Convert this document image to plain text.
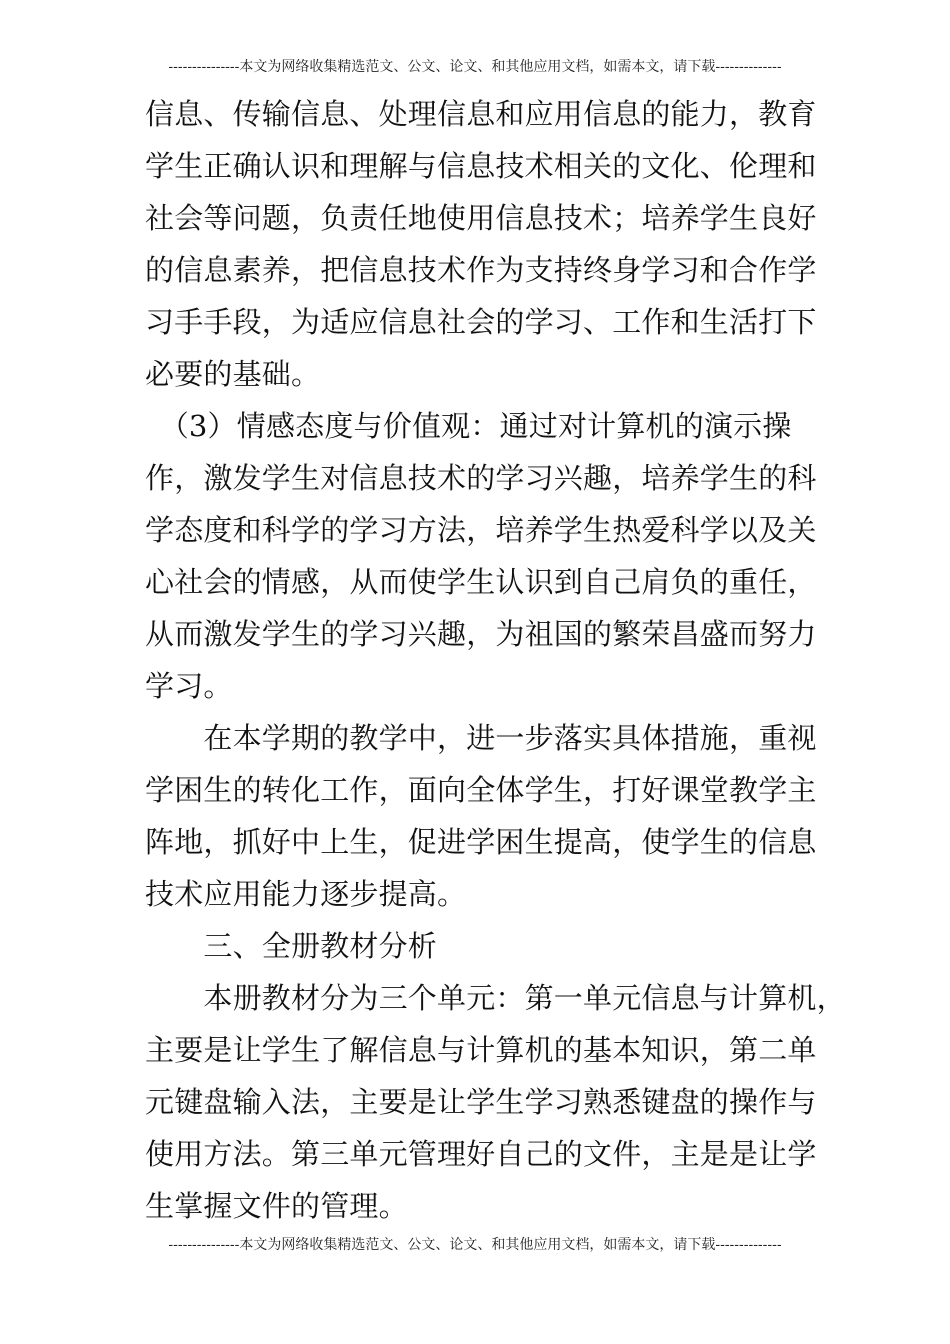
---------------本文为网络收集精选范文、公文、论文、和其他应用文档，如需本文，请下载--------------
信息、传输信息、处理信息和应用信息的能力，教育
学生正确认识和理解与信息技术相关的文化、伦理和
社会等问题，负责任地使用信息技术；培养学生良好
的信息素养，把信息技术作为支持终身学习和合作学
习手手段，为适应信息社会的学习、工作和生活打下
必要的基础。
　（3）情感态度与价值观：通过对计算机的演示操
作，激发学生对信息技术的学习兴趣，培养学生的科
学态度和科学的学习方法，培养学生热爱科学以及关
心社会的情感，从而使学生认识到自己肩负的重任，
从而激发学生的学习兴趣，为祖国的繁荣昌盛而努力
学习。
　　在本学期的教学中，进一步落实具体措施，重视
学困生的转化工作，面向全体学生，打好课堂教学主
阵地，抓好中上生，促进学困生提高，使学生的信息
技术应用能力逐步提高。
　　三、全册教材分析
　　本册教材分为三个单元：第一单元信息与计算机，
主要是让学生了解信息与计算机的基本知识，第二单
元键盘输入法，主要是让学生学习熟悉键盘的操作与
使用方法。第三单元管理好自己的文件，主是是让学
生掌握文件的管理。
---------------本文为网络收集精选范文、公文、论文、和其他应用文档，如需本文，请下载--------------
